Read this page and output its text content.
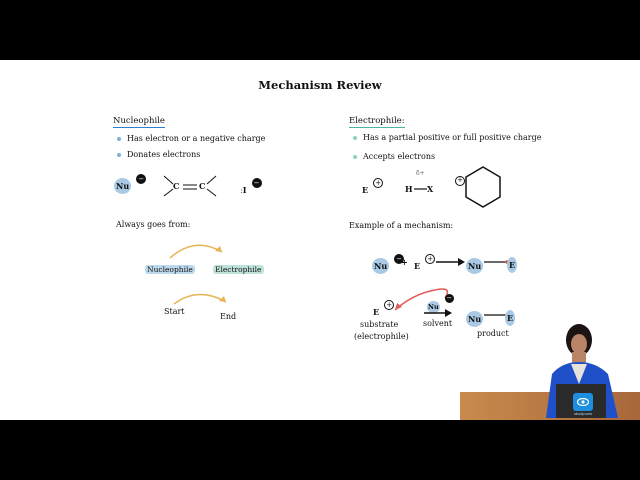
Mechanism Review
Nucleophile
Has electron or a negative charge
Donates electrons
Nu −
C C	:I −
Electrophile:
Has a partial positive or full positive charge
Accepts electrons
E +
δ+
H X
+
Always goes from:
Nucleophile	Electrophile
Start
End
Example of a mechanism:
Nu −
+ E + → Nu	E
E +	Nu −
Nu	E
substrate
(electrophile)
solvent
product
study.com
